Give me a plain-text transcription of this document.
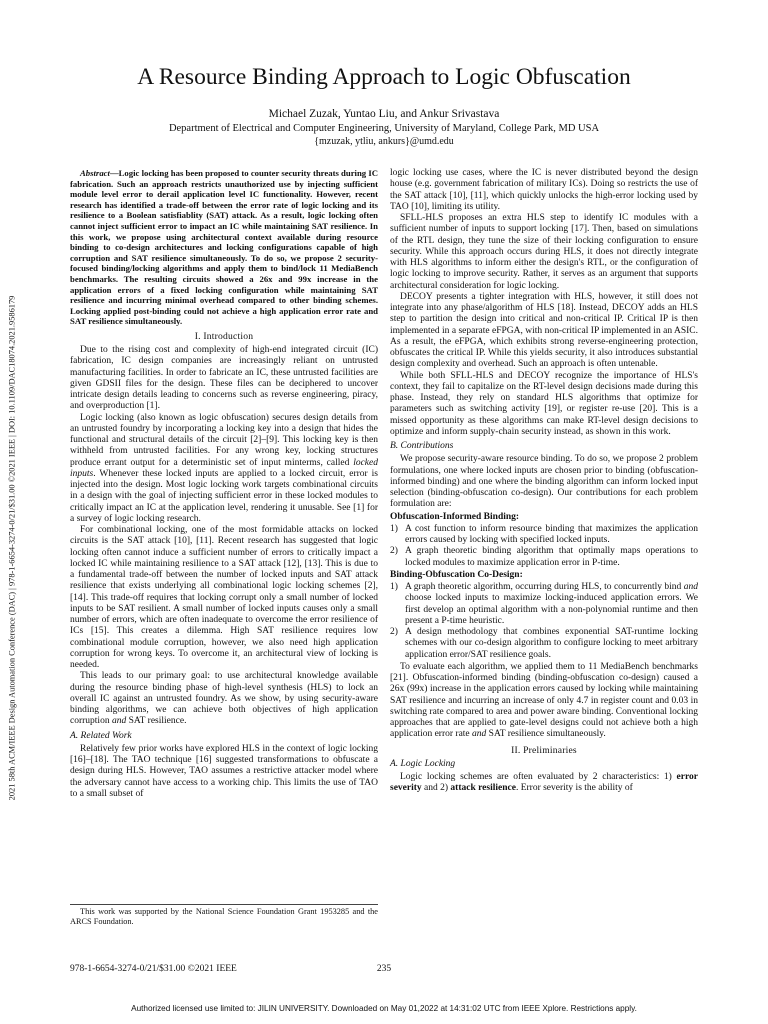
2021 58th ACM/IEEE Design Automation Conference (DAC) | 978-1-6654-3274-0/21/$31.00 ©2021 IEEE | DOI: 10.1109/DAC18074.2021.9586179
A Resource Binding Approach to Logic Obfuscation
Michael Zuzak, Yuntao Liu, and Ankur Srivastava
Department of Electrical and Computer Engineering, University of Maryland, College Park, MD USA
{mzuzak, ytliu, ankurs}@umd.edu

Abstract—Logic locking has been proposed to counter security threats during IC fabrication. Such an approach restricts unauthorized use by injecting sufficient module level error to derail application level IC functionality. However, recent research has identified a trade-off between the error rate of logic locking and its resilience to a Boolean satisfiablity (SAT) attack. As a result, logic locking often cannot inject sufficient error to impact an IC while maintaining SAT resilience. In this work, we propose using architectural context available during resource binding to co-design architectures and locking configurations capable of high corruption and SAT resilience simultaneously. To do so, we propose 2 security-focused binding/locking algorithms and apply them to bind/lock 11 MediaBench benchmarks. The resulting circuits showed a 26x and 99x increase in the application errors of a fixed locking configuration while maintaining SAT resilience and incurring minimal overhead compared to other binding schemes. Locking applied post-binding could not achieve a high application error rate and SAT resilience simultaneously.

I. Introduction

Due to the rising cost and complexity of high-end integrated circuit (IC) fabrication, IC design companies are increasingly reliant on untrusted manufacturing facilities. In order to fabricate an IC, these untrusted facilities are given GDSII files for the design. These files can be deciphered to uncover intricate design details leading to concerns such as reverse engineering, piracy, and overproduction [1].

Logic locking (also known as logic obfuscation) secures design details from an untrusted foundry by incorporating a locking key into a design that hides the functional and structural details of the circuit [2]–[9]. This locking key is then withheld from untrusted facilities. For any wrong key, locking structures produce errant output for a deterministic set of input minterms, called locked inputs. Whenever these locked inputs are applied to a locked circuit, error is injected into the design. Most logic locking work targets combinational circuits in a design with the goal of injecting sufficient error in these locked modules to critically impact an IC at the application level, rendering it unusable. See [1] for a survey of logic locking research.

For combinational locking, one of the most formidable attacks on locked circuits is the SAT attack [10], [11]. Recent research has suggested that logic locking often cannot induce a sufficient number of errors to critically impact a locked IC while maintaining resilience to a SAT attack [12], [13]. This is due to a fundamental trade-off between the number of locked inputs and SAT attack resilience that exists underlying all combinational logic locking schemes [2], [14]. This trade-off requires that locking corrupt only a small number of locked inputs to be SAT resilient. A small number of locked inputs causes only a small number of errors, which are often inadequate to overcome the error resilience of ICs [15]. This creates a dilemma. High SAT resilience requires low combinational module corruption, however, we also need high application corruption for wrong keys. To overcome it, an architectural view of locking is needed.

This leads to our primary goal: to use architectural knowledge available during the resource binding phase of high-level synthesis (HLS) to lock an overall IC against an untrusted foundry. As we show, by using security-aware binding algorithms, we can achieve both objectives of high application corruption and SAT resilience.

A. Related Work

Relatively few prior works have explored HLS in the context of logic locking [16]–[18]. The TAO technique [16] suggested transformations to obfuscate a design during HLS. However, TAO assumes a restrictive attacker model where the adversary cannot have access to a working chip. This limits the use of TAO to a small subset of

This work was supported by the National Science Foundation Grant 1953285 and the ARCS Foundation.

logic locking use cases, where the IC is never distributed beyond the design house (e.g. government fabrication of military ICs). Doing so restricts the use of the SAT attack [10], [11], which quickly unlocks the high-error locking used by TAO [10], limiting its utility.

SFLL-HLS proposes an extra HLS step to identify IC modules with a sufficient number of inputs to support locking [17]. Then, based on simulations of the RTL design, they tune the size of their locking configuration to ensure security. While this approach occurs during HLS, it does not directly integrate with HLS algorithms to inform either the design's RTL, or the configuration of logic locking to improve security. Rather, it serves as an argument that supports architectural consideration for logic locking.

DECOY presents a tighter integration with HLS, however, it still does not integrate into any phase/algorithm of HLS [18]. Instead, DECOY adds an HLS step to partition the design into critical and non-critical IP. Critical IP is then implemented in a separate eFPGA, with non-critical IP implemented in an ASIC. As a result, the eFPGA, which exhibits strong reverse-engineering protection, obfuscates the critical IP. While this yields security, it also introduces substantial design complexity and overhead. Such an approach is often untenable.

While both SFLL-HLS and DECOY recognize the importance of HLS's context, they fail to capitalize on the RT-level design decisions made during this phase. Instead, they rely on standard HLS algorithms that optimize for parameters such as switching activity [19], or register re-use [20]. This is a missed opportunity as these algorithms can make RT-level design decisions to optimize and inform supply-chain security instead, as shown in this work.

B. Contributions

We propose security-aware resource binding. To do so, we propose 2 problem formulations, one where locked inputs are chosen prior to binding (obfuscation-informed binding) and one where the binding algorithm can inform locked input selection (binding-obfuscation co-design). Our contributions for each problem formulation are:

Obfuscation-Informed Binding:
1) A cost function to inform resource binding that maximizes the application errors caused by locking with specified locked inputs.
2) A graph theoretic binding algorithm that optimally maps operations to locked modules to maximize application error in P-time.
Binding-Obfuscation Co-Design:
1) A graph theoretic algorithm, occurring during HLS, to concurrently bind and choose locked inputs to maximize locking-induced application errors. We first develop an optimal algorithm with a non-polynomial runtime and then present a P-time heuristic.
2) A design methodology that combines exponential SAT-runtime locking schemes with our co-design algorithm to configure locking to meet arbitrary application error/SAT resilience goals.

To evaluate each algorithm, we applied them to 11 MediaBench benchmarks [21]. Obfuscation-informed binding (binding-obfuscation co-design) caused a 26x (99x) increase in the application errors caused by locking while maintaining SAT resilience and incurring an increase of only 4.7 in register count and 0.03 in switching rate compared to area and power aware binding. Conventional locking approaches that are applied to gate-level designs could not achieve both a high application error rate and SAT resilience simultaneously.

II. Preliminaries
A. Logic Locking

Logic locking schemes are often evaluated by 2 characteristics: 1) error severity and 2) attack resilience. Error severity is the ability of

978-1-6654-3274-0/21/$31.00 ©2021 IEEE	235
Authorized licensed use limited to: JILIN UNIVERSITY. Downloaded on May 01,2022 at 14:31:02 UTC from IEEE Xplore. Restrictions apply.
